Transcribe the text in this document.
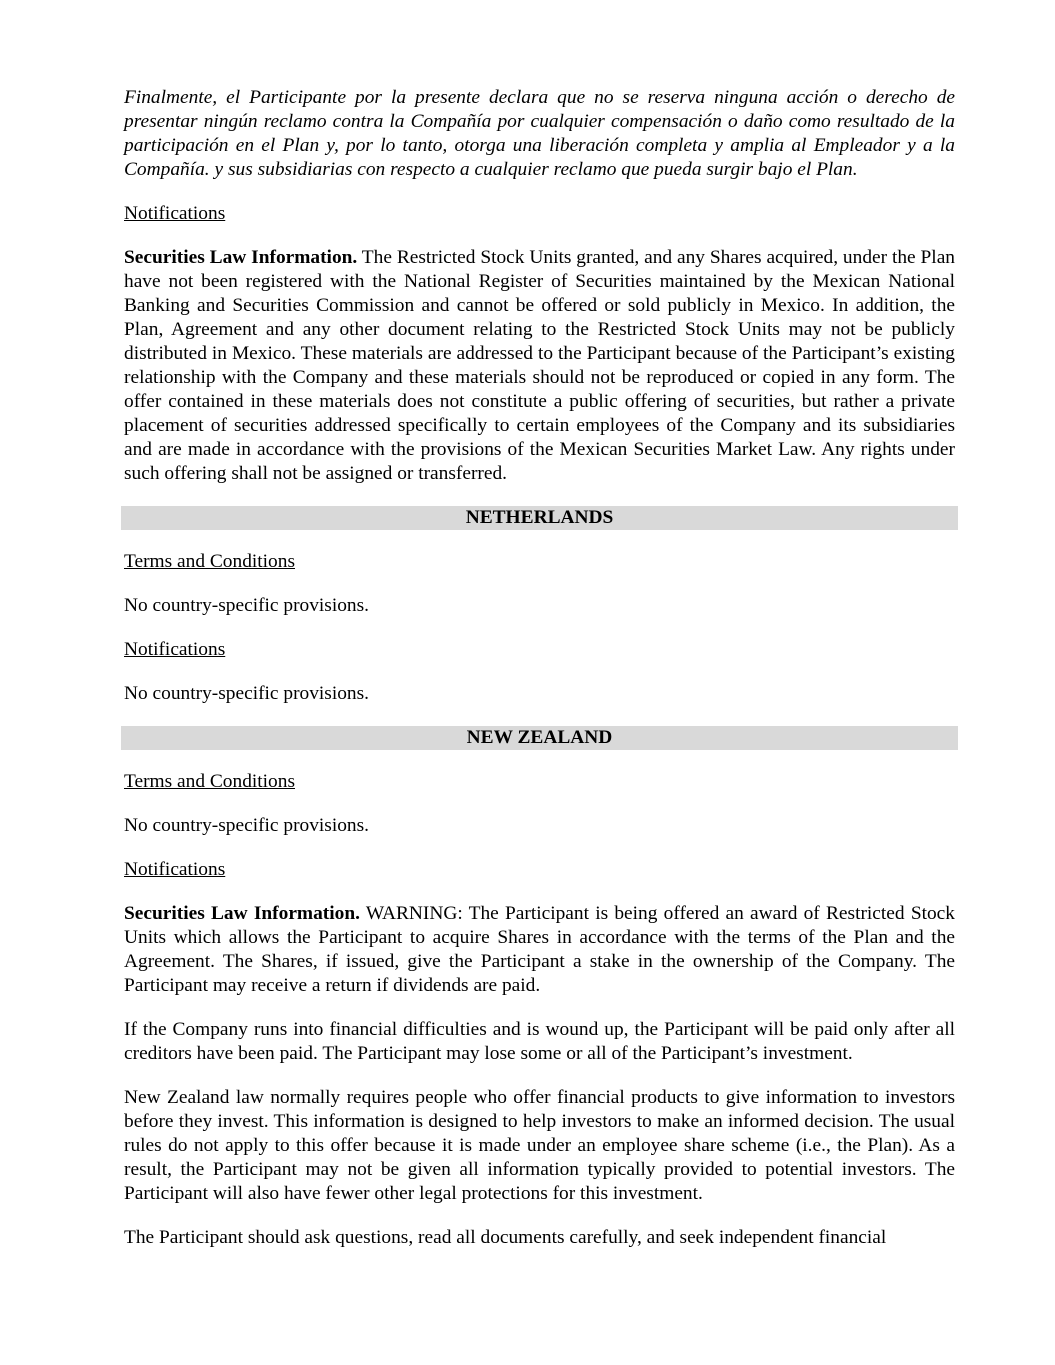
Finalmente, el Participante por la presente declara que no se reserva ninguna acción o derecho de presentar ningún reclamo contra la Compañía por cualquier compensación o daño como resultado de la participación en el Plan y, por lo tanto, otorga una liberación completa y amplia al Empleador y a la Compañía. y sus subsidiarias con respecto a cualquier reclamo que pueda surgir bajo el Plan.

Notifications

Securities Law Information. The Restricted Stock Units granted, and any Shares acquired, under the Plan have not been registered with the National Register of Securities maintained by the Mexican National Banking and Securities Commission and cannot be offered or sold publicly in Mexico. In addition, the Plan, Agreement and any other document relating to the Restricted Stock Units may not be publicly distributed in Mexico. These materials are addressed to the Participant because of the Participant’s existing relationship with the Company and these materials should not be reproduced or copied in any form. The offer contained in these materials does not constitute a public offering of securities, but rather a private placement of securities addressed specifically to certain employees of the Company and its subsidiaries and are made in accordance with the provisions of the Mexican Securities Market Law. Any rights under such offering shall not be assigned or transferred.

NETHERLANDS
Terms and Conditions

No country-specific provisions.

Notifications

No country-specific provisions.

NEW ZEALAND
Terms and Conditions

No country-specific provisions.

Notifications

Securities Law Information. WARNING: The Participant is being offered an award of Restricted Stock Units which allows the Participant to acquire Shares in accordance with the terms of the Plan and the Agreement. The Shares, if issued, give the Participant a stake in the ownership of the Company. The Participant may receive a return if dividends are paid.

If the Company runs into financial difficulties and is wound up, the Participant will be paid only after all creditors have been paid. The Participant may lose some or all of the Participant’s investment.

New Zealand law normally requires people who offer financial products to give information to investors before they invest. This information is designed to help investors to make an informed decision. The usual rules do not apply to this offer because it is made under an employee share scheme (i.e., the Plan). As a result, the Participant may not be given all information typically provided to potential investors. The Participant will also have fewer other legal protections for this investment.

The Participant should ask questions, read all documents carefully, and seek independent financial
